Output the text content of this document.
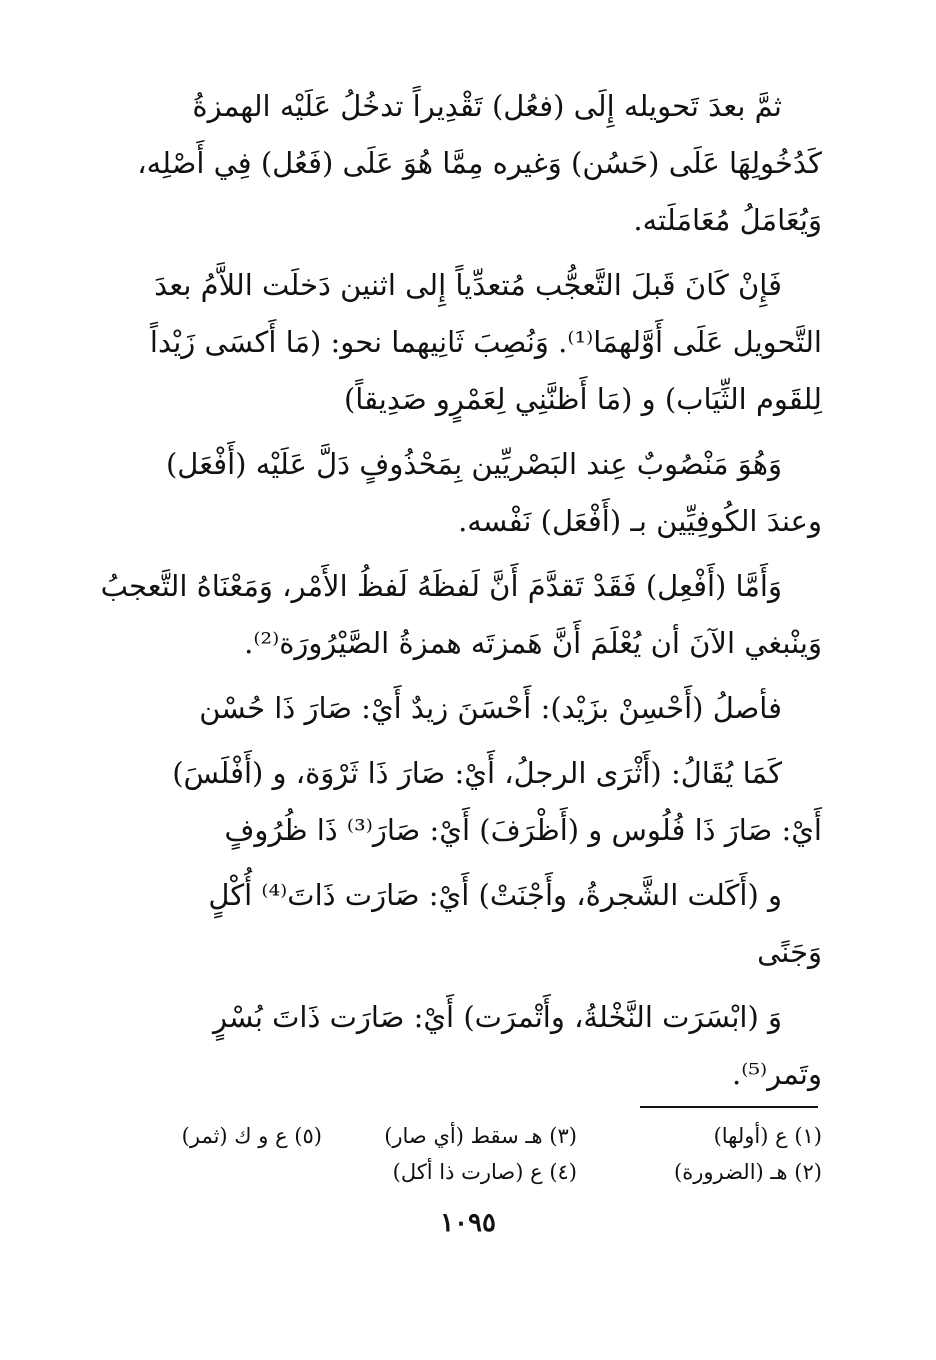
ثمَّ بعدَ تَحويله إِلَى (فعُل) تَقْدِيراً تدخُلُ عَلَيْه الهمزةُ
كَدُخُولِهَا عَلَى (حَسُن) وَغيره مِمَّا هُوَ عَلَى (فَعُل) فِي أَصْلِه،
وَيُعَامَلُ مُعَامَلَته.

فَإِنْ كَانَ قَبلَ التَّعجُّب مُتعدِّياً إِلى اثنين دَخلَت اللاَّمُ بعدَ
التَّحويل عَلَى أَوَّلهمَا⁽¹⁾. وَنُصِبَ ثَانِيهما نحو: (مَا أَكسَى زَيْداً
لِلقَوم الثِّيَاب) و (مَا أَظنَّنِي لِعَمْرٍو صَدِيقاً)

وَهُوَ مَنْصُوبٌ عِند البَصْريِّين بِمَحْذُوفٍ دَلَّ عَلَيْه (أَفْعَل)
وعندَ الكُوفِيِّين بـ (أَفْعَل) نَفْسه.

وَأَمَّا (أَفْعِل) فَقَدْ تَقدَّمَ أَنَّ لَفظَهُ لَفظُ الأَمْر، وَمَعْنَاهُ التَّعجبُ
وَينْبغي الآنَ أن يُعْلَمَ أَنَّ هَمزتَه همزةُ الصَّيْرُورَة⁽²⁾.

فأصلُ (أَحْسِنْ بزَيْد): أَحْسَنَ زيدٌ أَيْ: صَارَ ذَا حُسْن

كَمَا يُقَالُ: (أَثْرَى الرجلُ، أَيْ: صَارَ ذَا ثَرْوَة، و (أَفْلَسَ)
أَيْ: صَارَ ذَا فُلُوس و (أَظْرَفَ) أَيْ: صَارَ⁽³⁾ ذَا ظُرُوفٍ

و (أَكَلت الشَّجرةُ، وأَجْنَتْ) أَيْ: صَارَت ذَاتَ⁽⁴⁾ أُكْلٍ
وَجَنًى

وَ (ابْسَرَت النَّخْلةُ، وأَتْمرَت) أَيْ: صَارَت ذَاتَ بُسْرٍ
وتَمر⁽⁵⁾.

(١) ع (أولها)
(٣) هـ سقط (أي صار)
(٥) ع و ك (ثمر)
(٢) هـ (الضرورة)
(٤) ع (صارت ذا أكل)
١٠٩٥
